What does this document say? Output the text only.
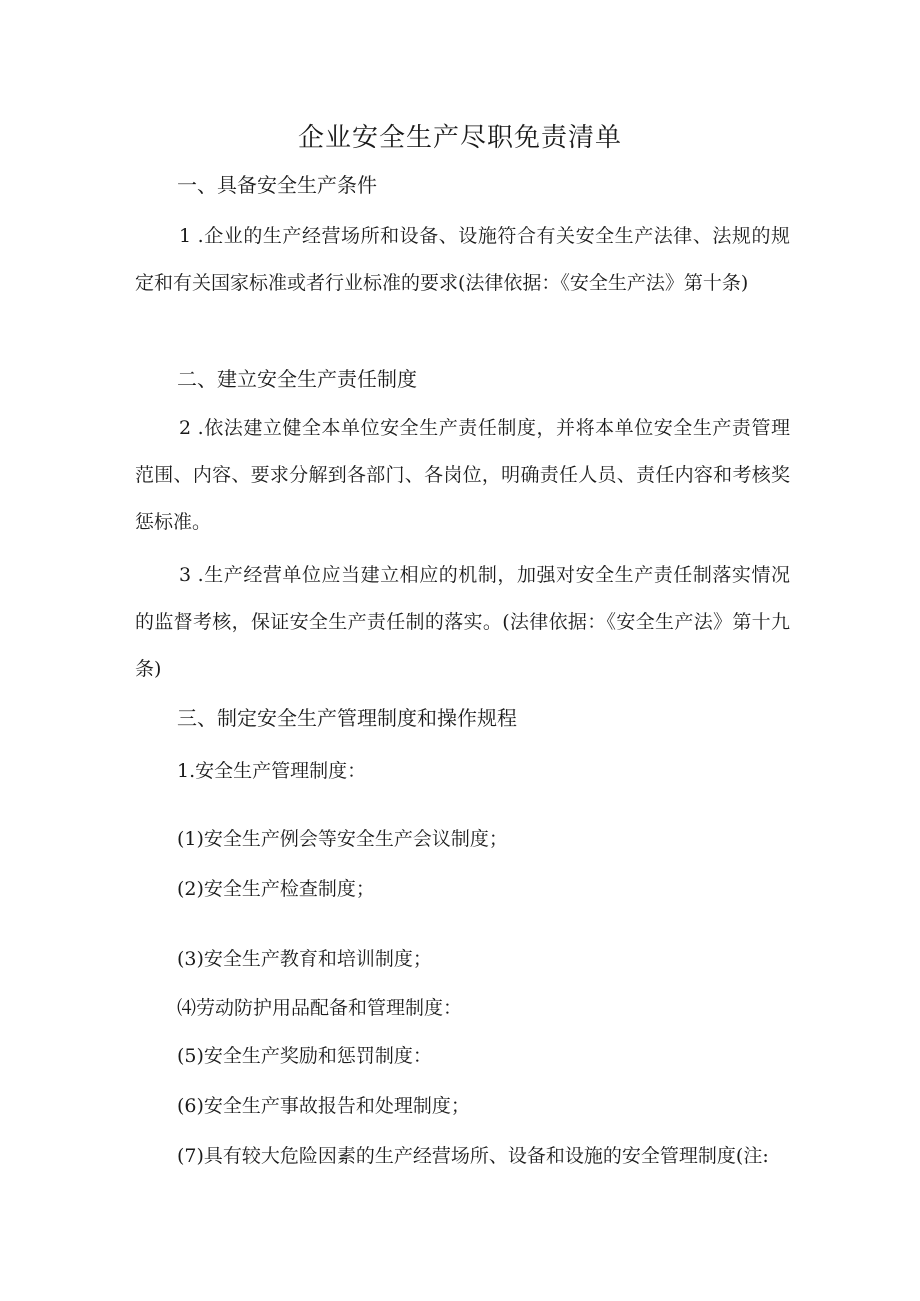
企业安全生产尽职免责清单
一、具备安全生产条件

1 .企业的生产经营场所和设备、设施符合有关安全生产法律、法规的规定和有关国家标准或者行业标准的要求(法律依据：《安全生产法》第十条)

二、建立安全生产责任制度

2 .依法建立健全本单位安全生产责任制度，并将本单位安全生产责管理范围、内容、要求分解到各部门、各岗位，明确责任人员、责任内容和考核奖惩标准。

3 .生产经营单位应当建立相应的机制，加强对安全生产责任制落实情况的监督考核，保证安全生产责任制的落实。(法律依据：《安全生产法》第十九条)

三、制定安全生产管理制度和操作规程
1.安全生产管理制度：
(1)安全生产例会等安全生产会议制度；
(2)安全生产检查制度；
(3)安全生产教育和培训制度；
⑷劳动防护用品配备和管理制度：
(5)安全生产奖励和惩罚制度：
(6)安全生产事故报告和处理制度；
(7)具有较大危险因素的生产经营场所、设备和设施的安全管理制度(注:
